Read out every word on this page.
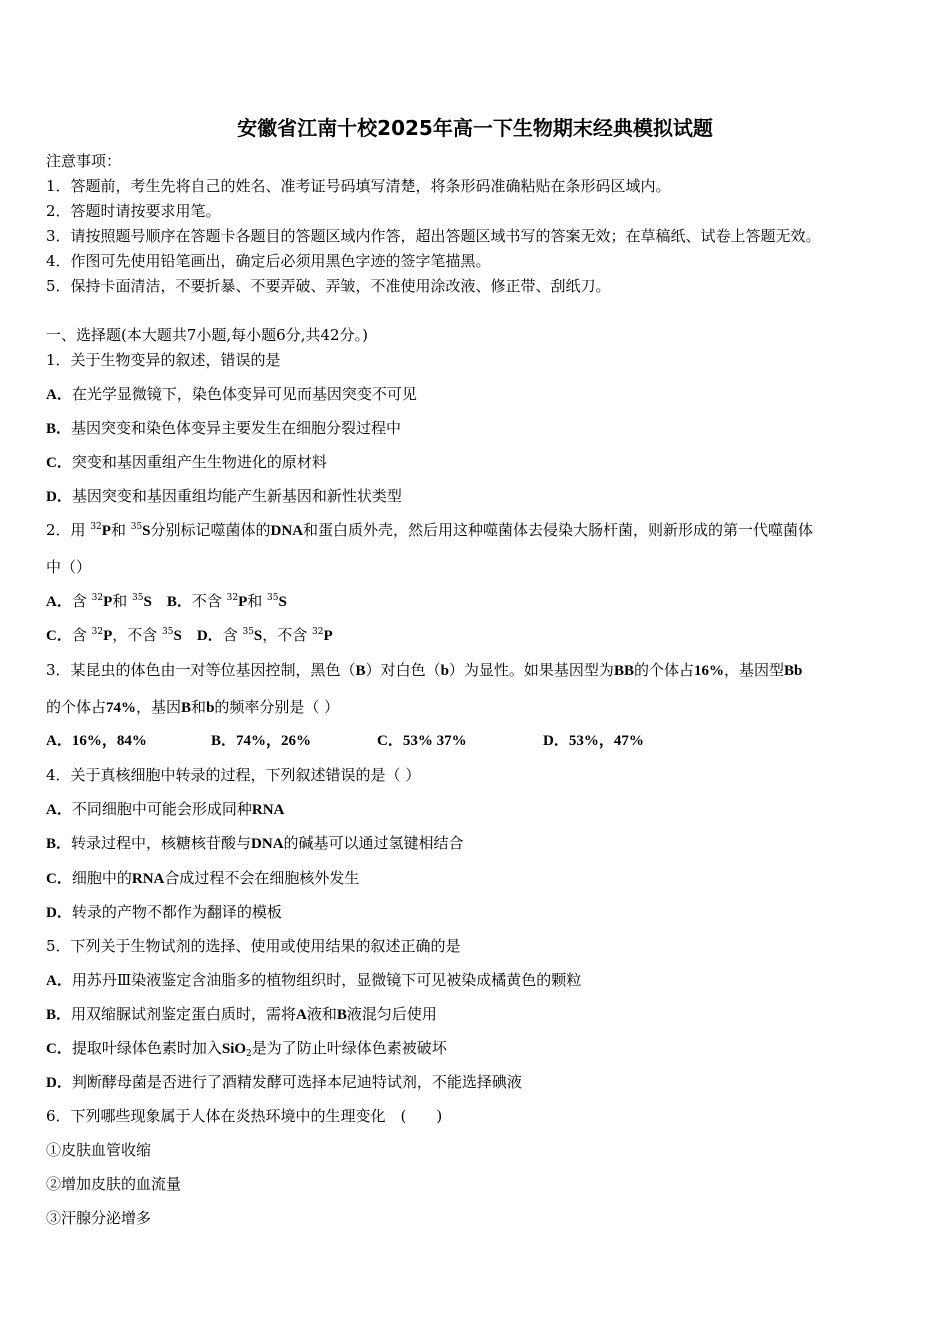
安徽省江南十校2025年高一下生物期末经典模拟试题
注意事项：
1．答题前，考生先将自己的姓名、准考证号码填写清楚，将条形码准确粘贴在条形码区域内。
2．答题时请按要求用笔。
3．请按照题号顺序在答题卡各题目的答题区域内作答，超出答题区域书写的答案无效；在草稿纸、试卷上答题无效。
4．作图可先使用铅笔画出，确定后必须用黑色字迹的签字笔描黑。
5．保持卡面清洁，不要折暴、不要弄破、弄皱，不准使用涂改液、修正带、刮纸刀。
一、选择题(本大题共7小题,每小题6分,共42分。)
1．关于生物变异的叙述，错误的是
A．在光学显微镜下，染色体变异可见而基因突变不可见
B．基因突变和染色体变异主要发生在细胞分裂过程中
C．突变和基因重组产生生物进化的原材料
D．基因突变和基因重组均能产生新基因和新性状类型
2．用 $^{32}$P和 $^{35}$S分别标记噬菌体的DNA和蛋白质外壳，然后用这种噬菌体去侵染大肠杆菌，则新形成的第一代噬菌体
中（）
A．含 $^{32}$P和 $^{35}$S　 B．不含 $^{32}$P和 $^{35}$S
C．含 $^{32}$P，不含 $^{35}$S　 D．含 $^{35}$S，不含 $^{32}$P
3．某昆虫的体色由一对等位基因控制，黑色（B）对白色（b）为显性。如果基因型为BB的个体占16%，基因型Bb
的个体占74%，基因B和b的频率分别是（ ）
4．关于真核细胞中转录的过程，下列叙述错误的是（ ）
A．不同细胞中可能会形成同种RNA
B．转录过程中，核糖核苷酸与DNA的碱基可以通过氢键相结合
C．细胞中的RNA合成过程不会在细胞核外发生
D．转录的产物不都作为翻译的模板
5．下列关于生物试剂的选择、使用或使用结果的叙述正确的是
A．用苏丹Ⅲ染液鉴定含油脂多的植物组织时，显微镜下可见被染成橘黄色的颗粒
B．用双缩脲试剂鉴定蛋白质时，需将A液和B液混匀后使用
C．提取叶绿体色素时加入SiO$_2$是为了防止叶绿体色素被破坏
D．判断酵母菌是否进行了酒精发酵可选择本尼迪特试剂，不能选择碘液
6．下列哪些现象属于人体在炎热环境中的生理变化　(　　 )
①皮肤血管收缩
②增加皮肤的血流量
③汗腺分泌增多
A．16%，84%	B．74%，26%	C．53% 37%	D．53%，47%
